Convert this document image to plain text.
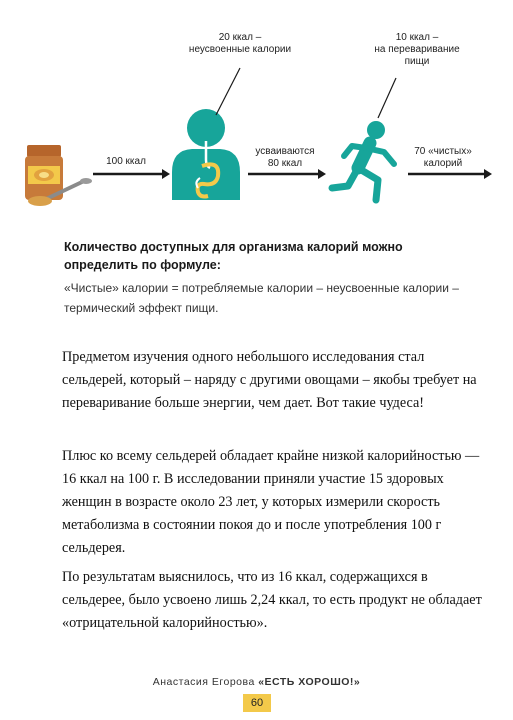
100 ккал
20 ккал –
неусвоенные калории
усваиваются
80 ккал
10 ккал –
на переваривание
пищи
70 «чистых»
калорий
Количество доступных для организма калорий можно определить по формуле:
«Чистые» калории = потребляемые калории – неусвоенные калории – термический эффект пищи.
Предметом изучения одного небольшого исследования стал сельдерей, который – наряду с другими овощами – якобы требует на переваривание больше энергии, чем дает. Вот такие чудеса!
Плюс ко всему сельдерей обладает крайне низкой калорийностью — 16 ккал на 100 г. В исследовании приняли участие 15 здоровых женщин в возрасте около 23 лет, у которых измерили скорость метаболизма в состоянии покоя до и после употребления 100 г сельдерея.
По результатам выяснилось, что из 16 ккал, содержащихся в сельдерее, было усвоено лишь 2,24 ккал, то есть продукт не обладает «отрицательной калорийностью».
Анастасия Егорова «ЕСТЬ ХОРОШО!»
60
